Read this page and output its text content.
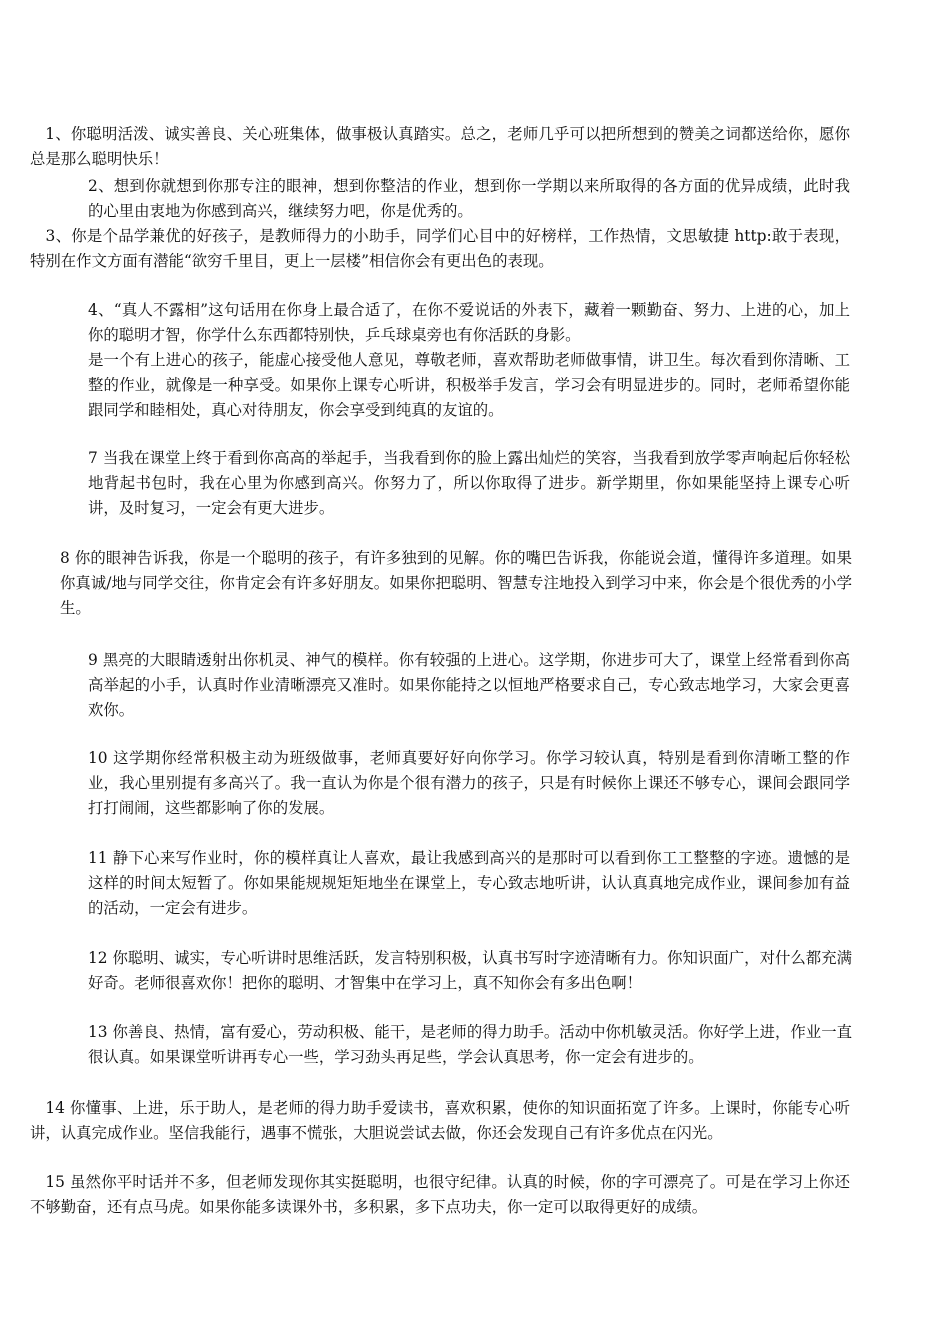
1、你聪明活泼、诚实善良、关心班集体，做事极认真踏实。总之，老师几乎可以把所想到的赞美之词都送给你，愿你总是那么聪明快乐！

2、想到你就想到你那专注的眼神，想到你整洁的作业，想到你一学期以来所取得的各方面的优异成绩，此时我的心里由衷地为你感到高兴，继续努力吧，你是优秀的。

3、你是个品学兼优的好孩子，是教师得力的小助手，同学们心目中的好榜样，工作热情，文思敏捷 http:敢于表现，特别在作文方面有潜能“欲穷千里目，更上一层楼”相信你会有更出色的表现。

4、“真人不露相”这句话用在你身上最合适了，在你不爱说话的外表下，藏着一颗勤奋、努力、上进的心，加上你的聪明才智，你学什么东西都特别快，乒乓球桌旁也有你活跃的身影。

是一个有上进心的孩子，能虚心接受他人意见，尊敬老师，喜欢帮助老师做事情，讲卫生。每次看到你清晰、工整的作业，就像是一种享受。如果你上课专心听讲，积极举手发言，学习会有明显进步的。同时，老师希望你能跟同学和睦相处，真心对待朋友，你会享受到纯真的友谊的。

7 当我在课堂上终于看到你高高的举起手，当我看到你的脸上露出灿烂的笑容，当我看到放学零声响起后你轻松地背起书包时，我在心里为你感到高兴。你努力了，所以你取得了进步。新学期里，你如果能坚持上课专心听讲，及时复习，一定会有更大进步。

8 你的眼神告诉我，你是一个聪明的孩子，有许多独到的见解。你的嘴巴告诉我，你能说会道，懂得许多道理。如果你真诚/地与同学交往，你肯定会有许多好朋友。如果你把聪明、智慧专注地投入到学习中来，你会是个很优秀的小学生。

9 黑亮的大眼睛透射出你机灵、神气的模样。你有较强的上进心。这学期，你进步可大了，课堂上经常看到你高高举起的小手，认真时作业清晰漂亮又准时。如果你能持之以恒地严格要求自己，专心致志地学习，大家会更喜欢你。

10 这学期你经常积极主动为班级做事，老师真要好好向你学习。你学习较认真，特别是看到你清晰工整的作业，我心里别提有多高兴了。我一直认为你是个很有潜力的孩子，只是有时候你上课还不够专心，课间会跟同学打打闹闹，这些都影响了你的发展。

11 静下心来写作业时，你的模样真让人喜欢，最让我感到高兴的是那时可以看到你工工整整的字迹。遗憾的是这样的时间太短暂了。你如果能规规矩矩地坐在课堂上，专心致志地听讲，认认真真地完成作业，课间参加有益的活动，一定会有进步。

12 你聪明、诚实，专心听讲时思维活跃，发言特别积极，认真书写时字迹清晰有力。你知识面广，对什么都充满好奇。老师很喜欢你！把你的聪明、才智集中在学习上，真不知你会有多出色啊！

13 你善良、热情，富有爱心，劳动积极、能干，是老师的得力助手。活动中你机敏灵活。你好学上进，作业一直很认真。如果课堂听讲再专心一些，学习劲头再足些，学会认真思考，你一定会有进步的。

14 你懂事、上进，乐于助人，是老师的得力助手爱读书，喜欢积累，使你的知识面拓宽了许多。上课时，你能专心听讲，认真完成作业。坚信我能行，遇事不慌张，大胆说尝试去做，你还会发现自己有许多优点在闪光。

15 虽然你平时话并不多，但老师发现你其实挺聪明，也很守纪律。认真的时候，你的字可漂亮了。可是在学习上你还不够勤奋，还有点马虎。如果你能多读课外书，多积累，多下点功夫，你一定可以取得更好的成绩。
